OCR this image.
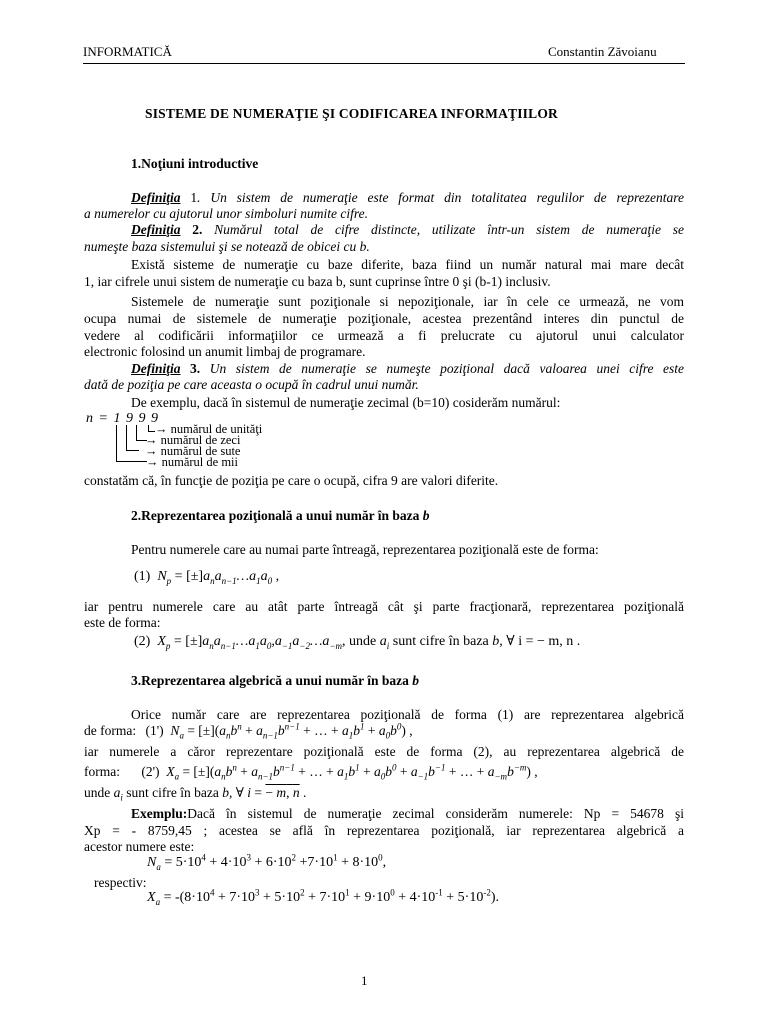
INFORMATICĂ	Constantin Zăvoianu
SISTEME DE NUMERAŢIE ŞI CODIFICAREA INFORMAŢIILOR
1.Noţiuni introductive
Definiţia 1. Un sistem de numeraţie este format din totalitatea regulilor de reprezentare
a numerelor cu ajutorul unor simboluri numite cifre.
Definiţia 2. Numărul total de cifre distincte, utilizate într-un sistem de numeraţie se
numeşte baza sistemului şi se notează de obicei cu b.
Există sisteme de numeraţie cu baze diferite, baza fiind un număr natural mai mare decât
1, iar cifrele unui sistem de numeraţie cu baza b, sunt cuprinse între 0 şi (b-1) inclusiv.
Sistemele de numeraţie sunt poziţionale si nepoziţionale, iar în cele ce urmează, ne vom
ocupa numai de sistemele de numeraţie poziţionale, acestea prezentând interes din punctul de
vedere al codificării informaţiilor ce urmează a fi prelucrate cu ajutorul unui calculator
electronic folosind un anumit limbaj de programare.
Definiţia 3. Un sistem de numeraţie se numeşte poziţional dacă valoarea unei cifre este
dată de poziţia pe care aceasta o ocupă în cadrul unui număr.
De exemplu, dacă în sistemul de numeraţie zecimal (b=10) cosiderăm numărul:
n = 1 9 9 9
→ numărul de unităţi
→ numărul de zeci
→ numărul de sute
→ numărul de mii
constatăm că, în funcţie de poziţia pe care o ocupă, cifra 9 are valori diferite.
2.Reprezentarea poziţională a unui număr în baza b
Pentru numerele care au numai parte întreagă, reprezentarea poziţională este de forma:
(1)  $N_p$ = $[\pm]a_na_{n-1}\dots a_1a_0$ ,
iar pentru numerele care au atât parte întreagă cât şi parte fracţionară, reprezentarea poziţională
este de forma:
(2)  $X_p$ = $[\pm]a_na_{n-1}\dots a_1a_0,a_{-1}a_{-2}\dots a_{-m}$, unde $a_i$ sunt cifre în baza b, ∀ i = − m, n .
3.Reprezentarea algebrică a unui număr în baza b
Orice număr care are reprezentarea poziţională de forma (1) are reprezentarea algebrică
de forma: (1')  $N_a = [\pm](a_nb^n + a_{n-1}b^{n-1}$ + … + $a_1b^1 + a_0b^0$) ,
iar numerele a căror reprezentare poziţională este de forma (2), au reprezentarea algebrică de
forma: (2')  $X_a = [\pm](a_nb^n + a_{n-1}b^{n-1}$ + … + $a_1b^1 + a_0b^0 + a_{-1}b^{-1}$ + … + $a_{-m}b^{-m}$) ,
unde $a_i$ sunt cifre în baza b, ∀ i = − m, n .
Exemplu:Dacă în sistemul de numeraţie zecimal considerăm numerele: Np = 54678 şi
Xp = - 8759,45 ; acestea se află în reprezentarea poziţională, iar reprezentarea algebrică a
acestor numere este:
$N_a = 5\cdot 10^4 + 4\cdot 10^3 + 6\cdot 10^2 +7\cdot 10^1 + 8\cdot 10^0$,
respectiv:
$X_a = -(8\cdot 10^4 + 7\cdot 10^3 + 5\cdot 10^2 + 7\cdot 10^1 + 9\cdot 10^0 + 4\cdot 10^{-1} + 5\cdot 10^{-2})$.
1
